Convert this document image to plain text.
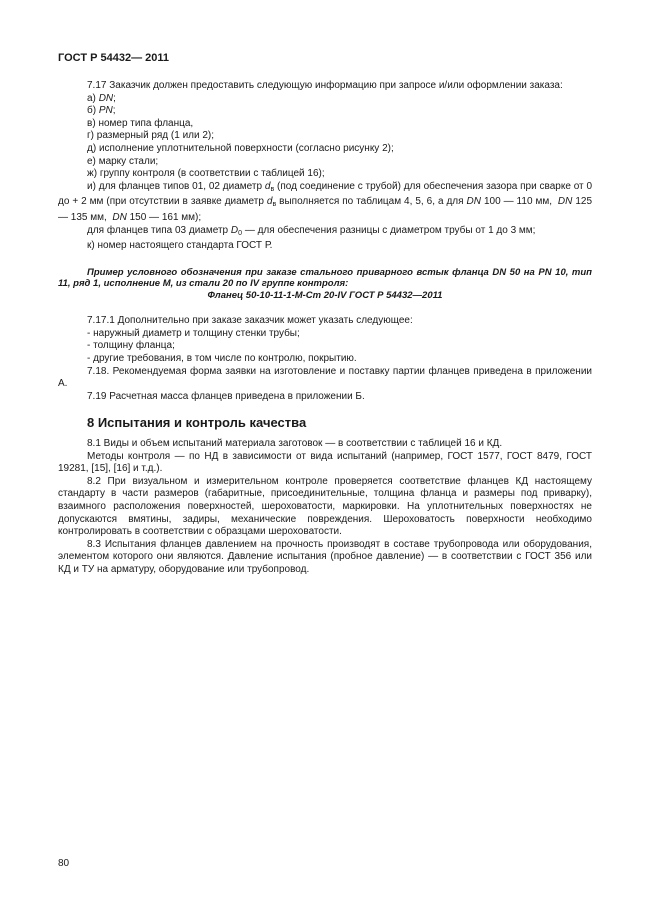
ГОСТ Р 54432— 2011

7.17 Заказчик должен предоставить следующую информацию при запросе и/или оформлении заказа:

а) DN;

б) PN;

в) номер типа фланца,

г) размерный ряд (1 или 2);

д) исполнение уплотнительной поверхности (согласно рисунку 2);

е) марку стали;

ж) группу контроля (в соответствии с таблицей 16);

и) для фланцев типов 01, 02 диаметр $d_в$ (под соединение с трубой) для обеспечения зазора при сварке от 0 до + 2 мм (при отсутствии в заявке диаметр $d_в$ выполняется по таблицам 4, 5, 6, а для DN 100 — 110 мм, DN 125 — 135 мм, DN 150 — 161 мм);

для фланцев типа 03 диаметр $D_0$ — для обеспечения разницы с диаметром трубы от 1 до 3 мм;

к) номер настоящего стандарта ГОСТ Р.

Пример условного обозначения при заказе стального приварного встык фланца DN 50 на PN 10, тип 11, ряд 1, исполнение М, из стали 20 по IV группе контроля:
Фланец 50-10-11-1-М-Ст 20-IV ГОСТ Р 54432—2011

7.17.1 Дополнительно при заказе заказчик может указать следующее:

- наружный диаметр и толщину стенки трубы;

- толщину фланца;

- другие требования, в том числе по контролю, покрытию.

7.18. Рекомендуемая форма заявки на изготовление и поставку партии фланцев приведена в приложении А.

7.19 Расчетная масса фланцев приведена в приложении Б.

8 Испытания и контроль качества

8.1 Виды и объем испытаний материала заготовок — в соответствии с таблицей 16 и КД.

Методы контроля — по НД в зависимости от вида испытаний (например, ГОСТ 1577, ГОСТ 8479, ГОСТ 19281, [15], [16] и т.д.).

8.2 При визуальном и измерительном контроле проверяется соответствие фланцев КД настоящему стандарту в части размеров (габаритные, присоединительные, толщина фланца и размеры под приварку), взаимного расположения поверхностей, шероховатости, маркировки. На уплотнительных поверхностях не допускаются вмятины, задиры, механические повреждения. Шероховатость поверхности необходимо контролировать в соответствии с образцами шероховатости.

8.3 Испытания фланцев давлением на прочность производят в составе трубопровода или оборудования, элементом которого они являются. Давление испытания (пробное давление) — в соответствии с ГОСТ 356 или КД и ТУ на арматуру, оборудование или трубопровод.

80
